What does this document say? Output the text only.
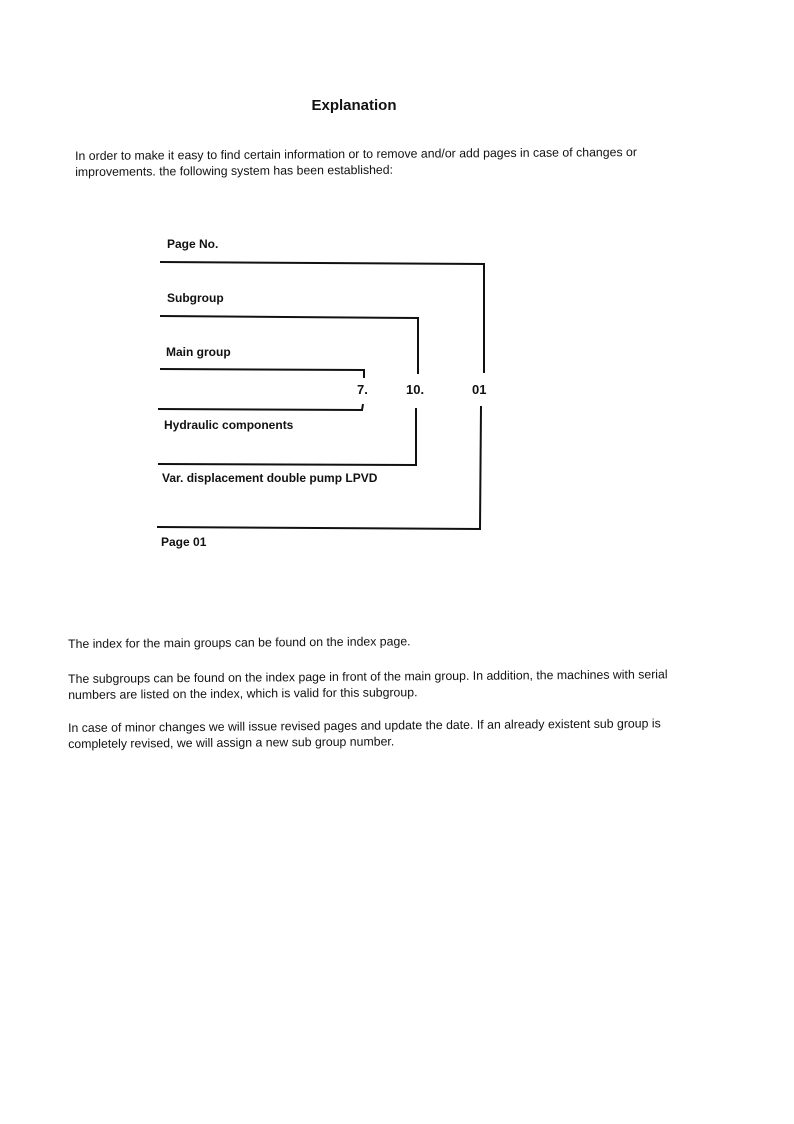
Explanation
In order to make it easy to find certain information or to remove and/or add pages in case of changes or improvements. the following system has been established:
Page No.
Subgroup
Main group
Hydraulic components
Var. displacement double pump LPVD
Page 01
7.	10.	01

The index for the main groups can be found on the index page.

The subgroups can be found on the index page in front of the main group. In addition, the machines with serial numbers are listed on the index, which is valid for this subgroup.

In case of minor changes we will issue revised pages and update the date. If an already existent sub group is completely revised, we will assign a new sub group number.
